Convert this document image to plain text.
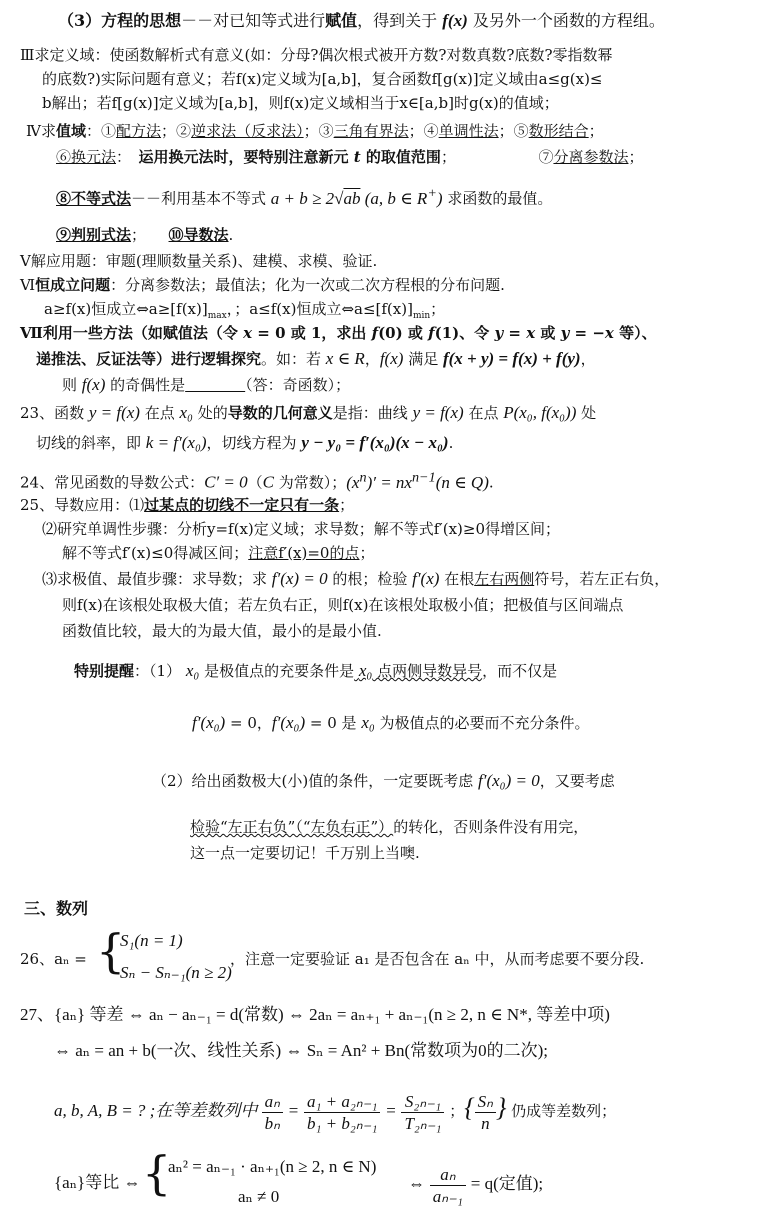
（3）方程的思想－－对已知等式进行赋值，得到关于 f(x) 及另外一个函数的方程组。
Ⅲ求定义域：使函数解析式有意义(如：分母?偶次根式被开方数?对数真数?底数?零指数幂
的底数?)实际问题有意义；若f(x)定义域为[a,b]，复合函数f[g(x)]定义域由a≤g(x)≤
b解出；若f[g(x)]定义域为[a,b]，则f(x)定义域相当于x∈[a,b]时g(x)的值域；
Ⅳ求值域：①配方法；②逆求法（反求法）；③三角有界法；④单调性法；⑤数形结合；
⑥换元法：　运用换元法时，要特别注意新元 t 的取值范围；　　　　　　⑦分离参数法；
⑧不等式法－－利用基本不等式 a + b ≥ 2√ab (a, b ∈ R+) 求函数的最值。
⑨判别式法；　　⑩导数法.
Ⅴ解应用题：审题(理顺数量关系)、建模、求模、验证.
Ⅵ恒成立问题：分离参数法；最值法；化为一次或二次方程根的分布问题.
a≥f(x)恒成立$\Leftrightarrow a\ge[f(x)]_{max}$，；a≤f(x)恒成立$\Leftrightarrow a\le[f(x)]_{min}$；
Ⅶ利用一些方法（如赋值法（令 x = 0 或 1，求出 f(0) 或 f(1)、令 y = x 或 y = −x 等）、
递推法、反证法等）进行逻辑探究。如：若 x ∈ R，f(x) 满足 f(x + y) = f(x) + f(y)，
则 f(x) 的奇偶性是　　　　	（答：奇函数）；
23、函数 y = f(x) 在点 x₀ 处的导数的几何意义是指：曲线 y = f(x) 在点 P(x₀, f(x₀)) 处
切线的斜率，即 k = f′(x₀)，切线方程为 y − y₀ = f′(x₀)(x − x₀).
24、常见函数的导数公式：C′ = 0（C 为常数）；$(x^n)' = nx^{n-1}(n$ ∈ Q).
25、导数应用：⑴过某点的切线不一定只有一条；
⑵研究单调性步骤：分析y=f(x)定义域；求导数；解不等式f′(x)≥0得增区间；
解不等式f′(x)≤0得减区间；注意f′(x)=0的点；
⑶求极值、最值步骤：求导数；求 f′(x) = 0 的根；检验 f′(x) 在根左右两侧符号，若左正右负，
则f(x)在该根处取极大值；若左负右正，则f(x)在该根处取极小值；把极值与区间端点
函数值比较，最大的为最大值，最小的是最小值.
特别提醒：（1） x₀ 是极值点的充要条件是 x₀ 点两侧导数异号，而不仅是
f′(x₀) = 0，f′(x₀) = 0 是 x₀ 为极值点的必要而不充分条件。
（2）给出函数极大(小)值的条件，一定要既考虑 f′(x₀) = 0，又要考虑
检验“左正右负”（“左负右正”）的转化，否则条件没有用完，
这一点一定要切记！千万别上当噢.
三、数列
26、aₙ = {
S₁(n = 1)
Sₙ − Sₙ₋₁(n ≥ 2)
，注意一定要验证 a₁ 是否包含在 aₙ 中，从而考虑要不要分段.
27、{aₙ} 等差 ⇔ aₙ − aₙ₋₁ = d(常数) ⇔ 2aₙ = aₙ₊₁ + aₙ₋₁(n ≥ 2, n ∈ N*, 等差中项)
⇔ aₙ = an + b(一次、线性关系) ⇔ Sₙ = An² + Bn(常数项为0的二次);
a, b, A, B = ? ;在等差数列中 $\frac{\text{aₙ}}{\text{bₙ}} = \frac{\text{a₁ + a₂ₙ₋₁}}{\text{b₁ + b₂ₙ₋₁}} = \frac{\text{S₂ₙ₋₁}}{\text{T₂ₙ₋₁}}$ ；{ $\frac{\text{Sₙ}}{n}$ } 仍成等差数列；
{aₙ}等比 ⇔ {
aₙ² = aₙ₋₁ · aₙ₊₁(n ≥ 2, n ∈ N)
aₙ ≠ 0
⇔ $\frac{\text{aₙ}}{\text{aₙ₋₁}} = q$(定值);
